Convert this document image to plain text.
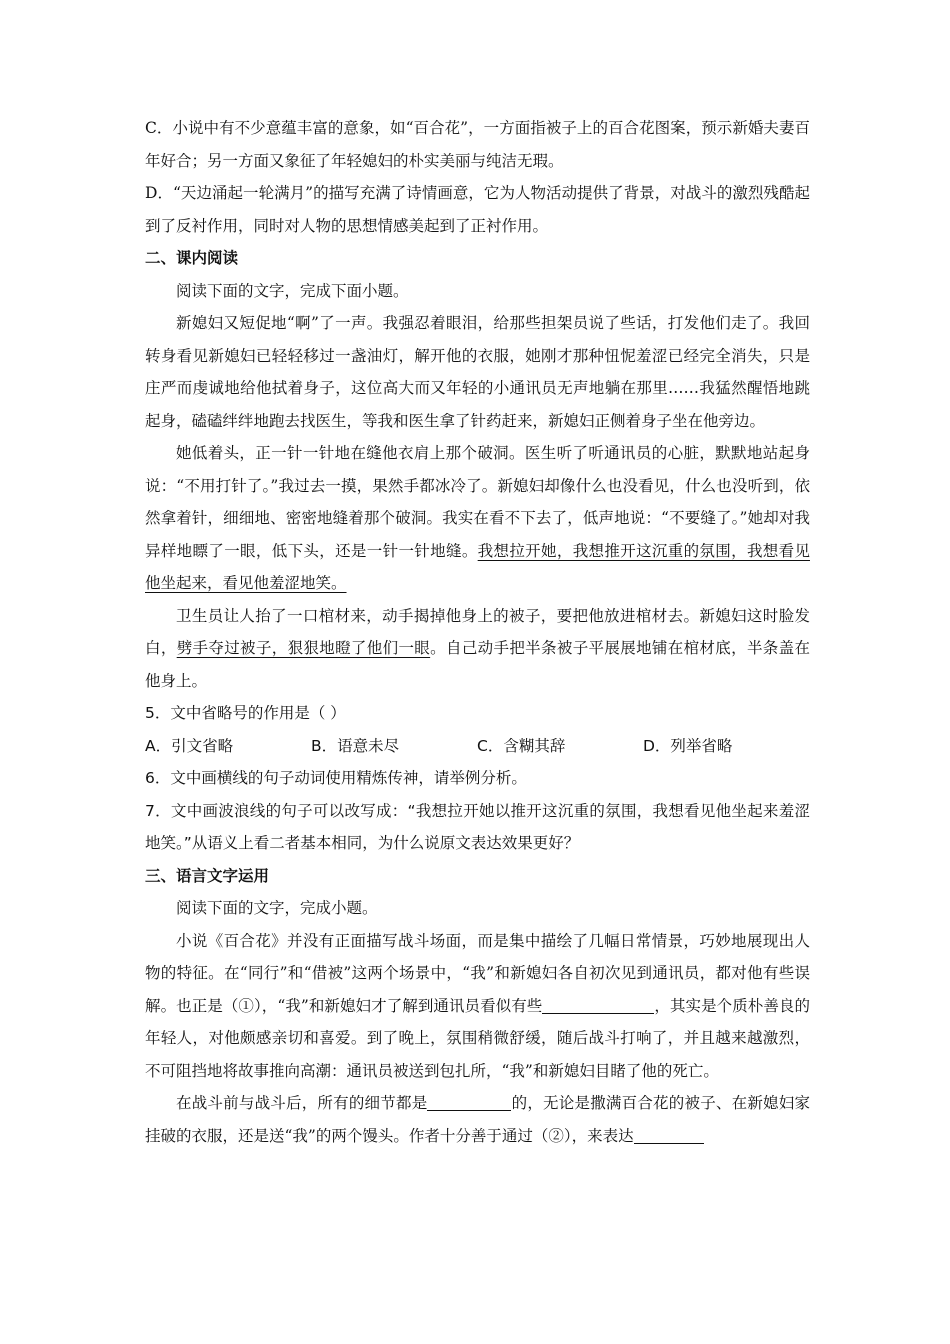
C．小说中有不少意蕴丰富的意象，如“百合花”，一方面指被子上的百合花图案，预示新婚夫妻百年好合；另一方面又象征了年轻媳妇的朴实美丽与纯洁无瑕。

D．“天边涌起一轮满月”的描写充满了诗情画意，它为人物活动提供了背景，对战斗的激烈残酷起到了反衬作用，同时对人物的思想情感美起到了正衬作用。

二、课内阅读

阅读下面的文字，完成下面小题。

新媳妇又短促地“啊”了一声。我强忍着眼泪，给那些担架员说了些话，打发他们走了。我回转身看见新媳妇已轻轻移过一盏油灯，解开他的衣服，她刚才那种忸怩羞涩已经完全消失，只是庄严而虔诚地给他拭着身子，这位高大而又年轻的小通讯员无声地躺在那里……我猛然醒悟地跳起身，磕磕绊绊地跑去找医生，等我和医生拿了针药赶来，新媳妇正侧着身子坐在他旁边。

她低着头，正一针一针地在缝他衣肩上那个破洞。医生听了听通讯员的心脏，默默地站起身说：“不用打针了。”我过去一摸，果然手都冰冷了。新媳妇却像什么也没看见，什么也没听到，依然拿着针，细细地、密密地缝着那个破洞。我实在看不下去了，低声地说：“不要缝了。”她却对我异样地瞟了一眼，低下头，还是一针一针地缝。我想拉开她，我想推开这沉重的氛围，我想看见他坐起来，看见他羞涩地笑。

卫生员让人抬了一口棺材来，动手揭掉他身上的被子，要把他放进棺材去。新媳妇这时脸发白，劈手夺过被子，狠狠地瞪了他们一眼。自己动手把半条被子平展展地铺在棺材底，半条盖在他身上。

5．文中省略号的作用是（ ）

A．引文省略	B．语意未尽	C．含糊其辞	D．列举省略

6．文中画横线的句子动词使用精炼传神，请举例分析。

7．文中画波浪线的句子可以改写成：“我想拉开她以推开这沉重的氛围，我想看见他坐起来羞涩地笑。”从语义上看二者基本相同，为什么说原文表达效果更好？

三、语言文字运用

阅读下面的文字，完成小题。

小说《百合花》并没有正面描写战斗场面，而是集中描绘了几幅日常情景，巧妙地展现出人物的特征。在“同行”和“借被”这两个场景中，“我”和新媳妇各自初次见到通讯员，都对他有些误解。也正是（①），“我”和新媳妇才了解到通讯员看似有些	，其实是个质朴善良的年轻人，对他颇感亲切和喜爱。到了晚上，氛围稍微舒缓，随后战斗打响了，并且越来越激烈，不可阻挡地将故事推向高潮：通讯员被送到包扎所，“我”和新媳妇目睹了他的死亡。

在战斗前与战斗后，所有的细节都是	的，无论是撒满百合花的被子、在新媳妇家挂破的衣服，还是送“我”的两个馒头。作者十分善于通过（②），来表达
